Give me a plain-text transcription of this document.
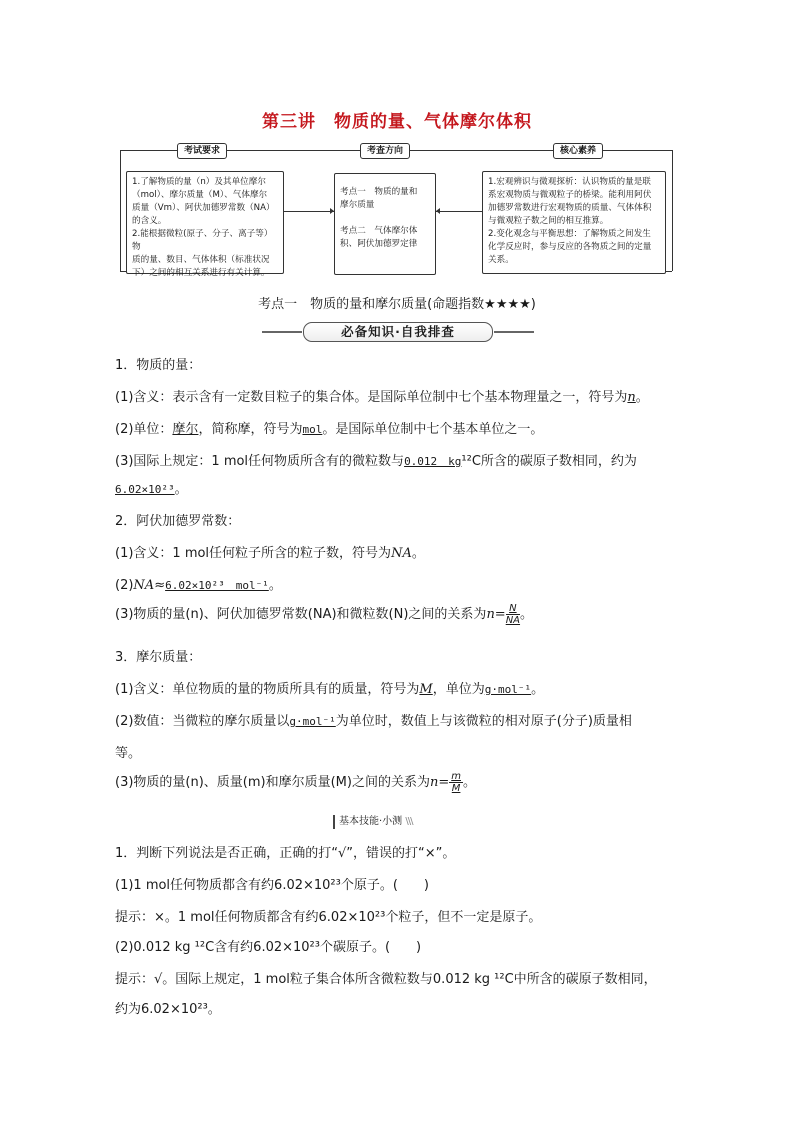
第三讲　物质的量、气体摩尔体积
考试要求	考查方向	核心素养
1.了解物质的量（n）及其单位摩尔
（mol）、摩尔质量（M）、气体摩尔
质量（Vm）、阿伏加德罗常数（NA）
的含义。
2.能根据微粒(原子、分子、离子等）物
质的量、数目、气体体积（标准状况
下）之间的相互关系进行有关计算。
考点一　物质的量和
摩尔质量
考点二　气体摩尔体
积、阿伏加德罗定律
1.宏观辨识与微观探析：认识物质的量是联
系宏观物质与微观粒子的桥梁。能利用阿伏
加德罗常数进行宏观物质的质量、气体体积
与微观粒子数之间的相互推算。
2.变化观念与平衡思想：了解物质之间发生
化学反应时，参与反应的各物质之间的定量
关系。
考点一　物质的量和摩尔质量(命题指数★★★★)
必备知识·自我排查
1．物质的量：
(1)含义：表示含有一定数目粒子的集合体。是国际单位制中七个基本物理量之一，符号为n。
(2)单位：摩尔，简称摩，符号为mol。是国际单位制中七个基本单位之一。
(3)国际上规定：1 mol任何物质所含有的微粒数与0.012　kg¹²C所含的碳原子数相同，约为
6.02×10²³。
2．阿伏加德罗常数：
(1)含义：1 mol任何粒子所含的粒子数，符号为NA。
(2)NA≈6.02×10²³　mol⁻¹。
(3)物质的量(n)、阿伏加德罗常数(NA)和微粒数(N)之间的关系为$n= \frac{N}{NA}$ 。
3．摩尔质量：
(1)含义：单位物质的量的物质所具有的质量，符号为M，单位为g·mol⁻¹。
(2)数值：当微粒的摩尔质量以g·mol⁻¹为单位时，数值上与该微粒的相对原子(分子)质量相
等。
(3)物质的量(n)、质量(m)和摩尔质量(M)之间的关系为$n= \frac{m}{M}$ 。
基本技能·小测 \\\
1．判断下列说法是否正确，正确的打“√”，错误的打“×”。
(1)1 mol任何物质都含有约6.02×10²³个原子。(　　)
提示：×。1 mol任何物质都含有约6.02×10²³个粒子，但不一定是原子。
(2)0.012 kg ¹²C含有约6.02×10²³个碳原子。(　　)
提示：√。国际上规定，1 mol粒子集合体所含微粒数与0.012 kg ¹²C中所含的碳原子数相同，
约为6.02×10²³。
